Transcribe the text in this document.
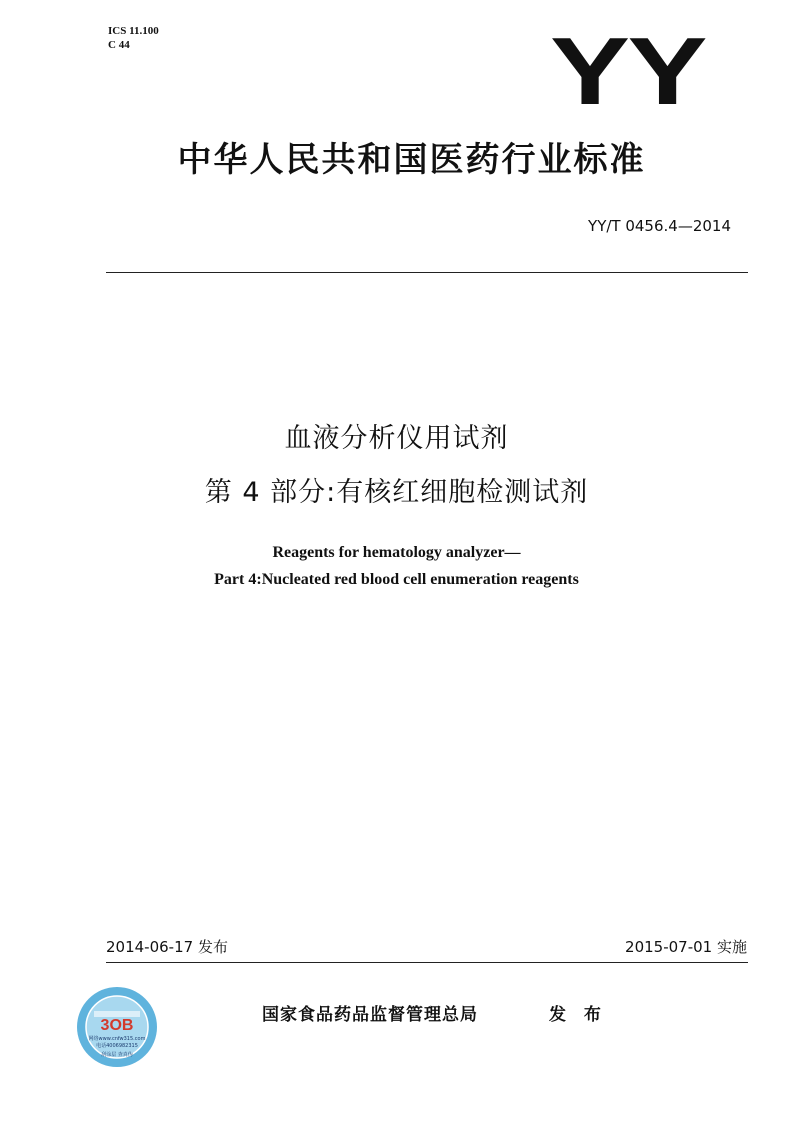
ICS 11.100
C 44	YY
中华人民共和国医药行业标准
YY/T 0456.4—2014
血液分析仪用试剂
第 4 部分:有核红细胞检测试剂
Reagents for hematology analyzer—
Part 4:Nucleated red blood cell enumeration reagents
2014-06-17 发布	2015-07-01 实施
国家食品药品监督管理总局	发 布
3OB
网络www.cnfw315.com
电话4006982315
刮涂层 查真伪
